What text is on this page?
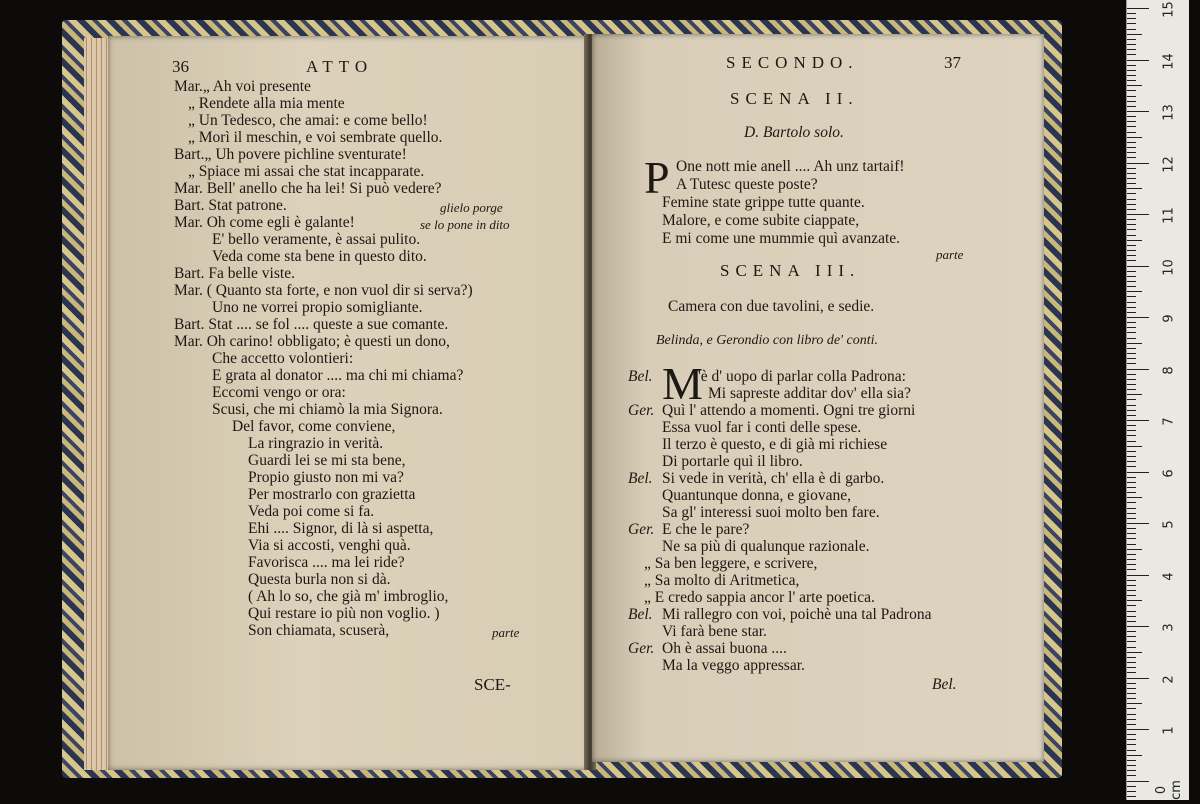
36	ATTO
Mar.„ Ah voi presente
„ Rendete alla mia mente
„ Un Tedesco, che amai: e come bello!
„ Morì il meschin, e voi sembrate quello.
Bart.„ Uh povere pichline sventurate!
„ Spiace mi assai che stat incapparate.
Mar. Bell' anello che ha lei! Si può vedere?
Bart. Stat patrone.	glielo porge
Mar. Oh come egli è galante!	se lo pone in dito
E' bello veramente, è assai pulito.
Veda come sta bene in questo dito.
Bart. Fa belle viste.
Mar. ( Quanto sta forte, e non vuol dir si serva?)
Uno ne vorrei propio somigliante.
Bart. Stat .... se fol .... queste a sue comante.
Mar. Oh carino! obbligato; è questi un dono,
Che accetto volontieri:
E grata al donator .... ma chi mi chiama?
Eccomi vengo or ora:
Scusi, che mi chiamò la mia Signora.
Del favor, come conviene,
La ringrazio in verità.
Guardi lei se mi sta bene,
Propio giusto non mi va?
Per mostrarlo con grazietta
Veda poi come si fa.
Ehi .... Signor, di là si aspetta,
Via si accosti, venghi quà.
Favorisca .... ma lei ride?
Questa burla non si dà.
( Ah lo so, che già m' imbroglio,
Qui restare io più non voglio. )
Son chiamata, scuserà,	parte
SCE-
SECONDO.	37
SCENA II.
D. Bartolo solo.
P One nott mie anell .... Ah unz tartaif!
A Tutesc queste poste?
Femine state grippe tutte quante.
Malore, e come subite ciappate,
E mi come une mummie quì avanzate.
parte
SCENA III.
Camera con due tavolini, e sedie.
Belinda, e Gerondio con libro de' conti.
Bel. M
'è d' uopo di parlar colla Padrona:
Mi sapreste additar dov' ella sia?
Ger. Quì l' attendo a momenti. Ogni tre giorni
Essa vuol far i conti delle spese.
Il terzo è questo, e di già mi richiese
Di portarle quì il libro.
Bel. Si vede in verità, ch' ella è di garbo.
Quantunque donna, e giovane,
Sa gl' interessi suoi molto ben fare.
Ger. E che le pare?
Ne sa più di qualunque razionale.
„ Sa ben leggere, e scrivere,
„ Sa molto di Aritmetica,
„ E credo sappia ancor l' arte poetica.
Bel. Mi rallegro con voi, poichè una tal Padrona
Vi farà bene star.
Ger. Oh è assai buona ....
Ma la veggo appressar.
Bel.
15
14
13
12
11
10
9
8
7
6
5
4
3
2
1
0 cm
